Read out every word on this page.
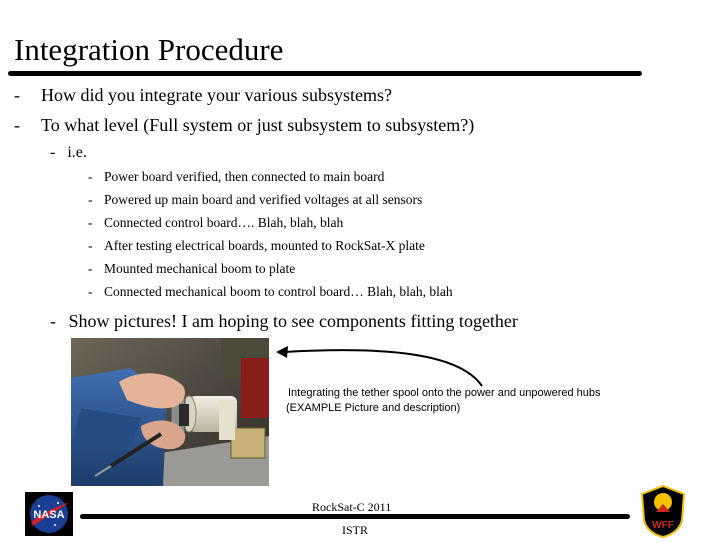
Integration Procedure
- How did you integrate your various subsystems?
- To what level (Full system or just subsystem to subsystem?)
- i.e.
- Power board verified, then connected to main board
- Powered up main board and verified voltages at all sensors
- Connected control board…. Blah, blah, blah
- After testing electrical boards, mounted to RockSat-X plate
- Mounted mechanical boom to plate
- Connected mechanical boom to control board… Blah, blah, blah
- Show pictures! I am hoping to see components fitting together
Integrating the tether spool onto the power and unpowered hubs
(EXAMPLE Picture and description)
RockSat-C 2011
ISTR
NASA
WFF
